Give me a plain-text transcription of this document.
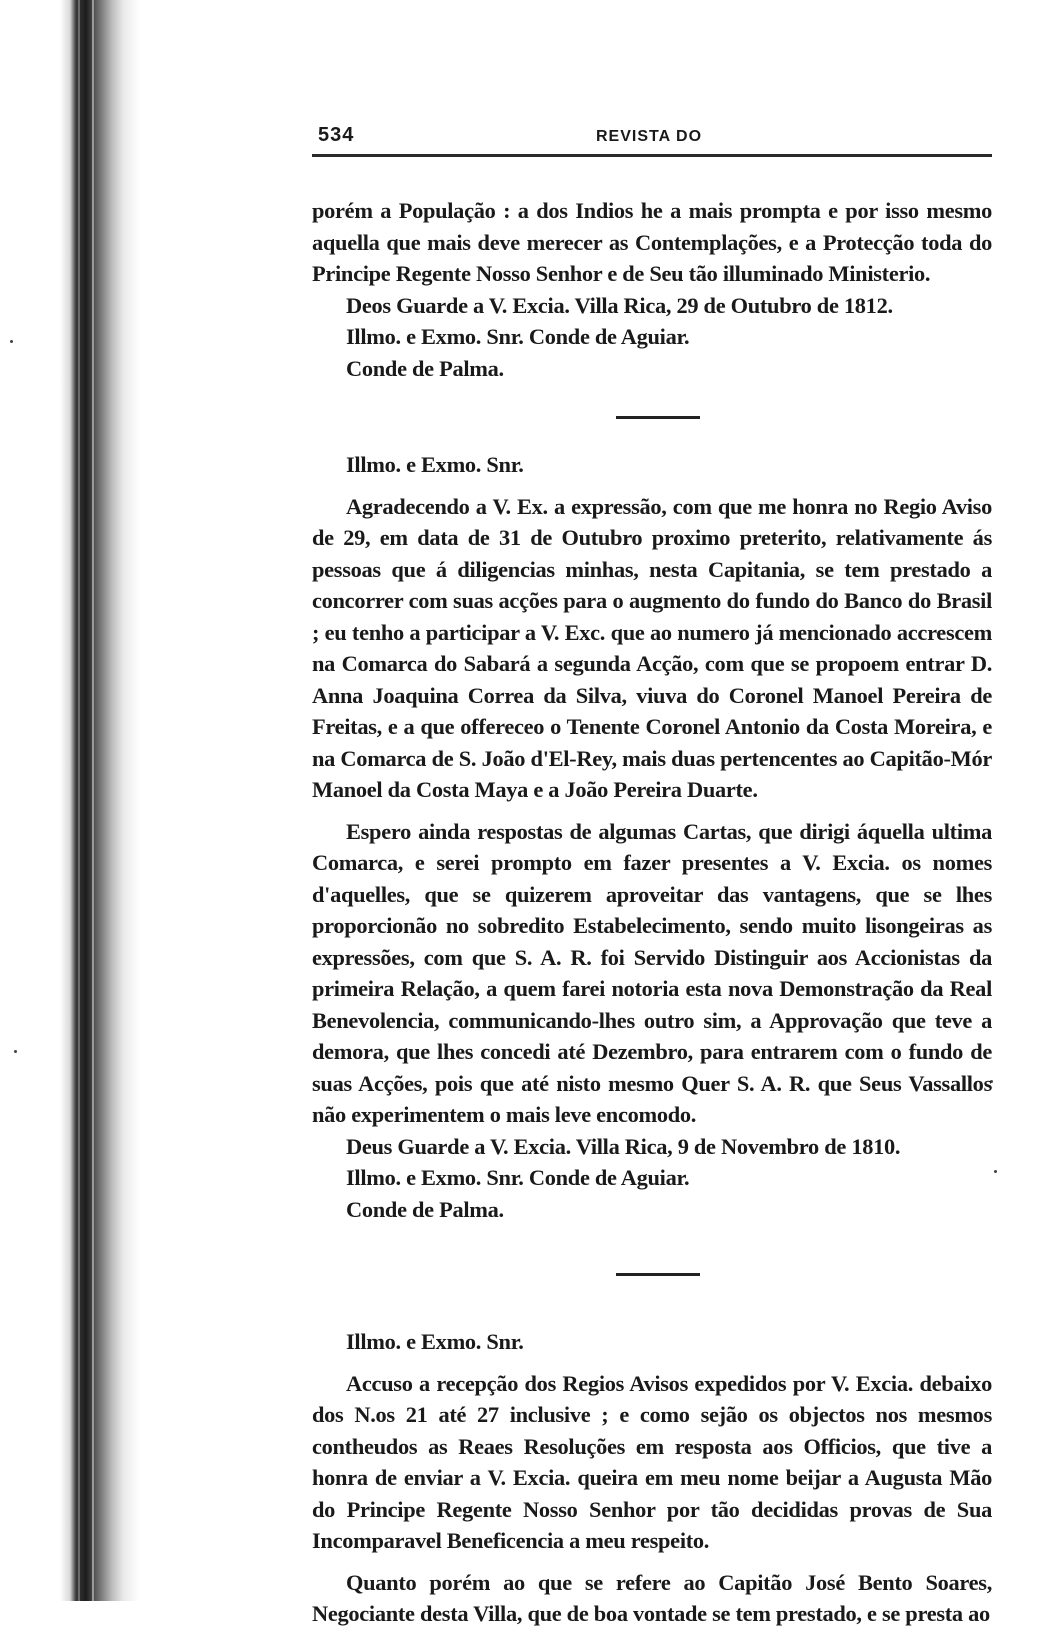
534	REVISTA DO

porém a População : a dos Indios he a mais prompta e por isso mesmo aquella que mais deve merecer as Contemplações, e a Protecção toda do Principe Regente Nosso Senhor e de Seu tão illuminado Ministerio.

Deos Guarde a V. Excia. Villa Rica, 29 de Outubro de 1812.

Illmo. e Exmo. Snr. Conde de Aguiar.

Conde de Palma.

Illmo. e Exmo. Snr.

Agradecendo a V. Ex. a expressão, com que me honra no Regio Aviso de 29, em data de 31 de Outubro proximo preterito, relativamente ás pessoas que á diligencias minhas, nesta Capitania, se tem prestado a concorrer com suas acções para o augmento do fundo do Banco do Brasil ; eu tenho a participar a V. Exc. que ao numero já mencionado accrescem na Comarca do Sabará a segunda Acção, com que se propoem entrar D. Anna Joaquina Correa da Silva, viuva do Coronel Manoel Pereira de Freitas, e a que offereceo o Tenente Coronel Antonio da Costa Moreira, e na Comarca de S. João d'El-Rey, mais duas pertencentes ao Capitão-Mór Manoel da Costa Maya e a João Pereira Duarte.

Espero ainda respostas de algumas Cartas, que dirigi áquella ultima Comarca, e serei prompto em fazer presentes a V. Excia. os nomes d'aquelles, que se quizerem aproveitar das vantagens, que se lhes proporcionão no sobredito Estabelecimento, sendo muito lisongeiras as expressões, com que S. A. R. foi Servido Distinguir aos Accionistas da primeira Relação, a quem farei notoria esta nova Demonstração da Real Benevolencia, communicando-lhes outro sim, a Approvação que teve a demora, que lhes concedi até Dezembro, para entrarem com o fundo de suas Acções, pois que até nisto mesmo Quer S. A. R. que Seus Vassallos não experimentem o mais leve encomodo.

Deus Guarde a V. Excia. Villa Rica, 9 de Novembro de 1810.

Illmo. e Exmo. Snr. Conde de Aguiar.

Conde de Palma.

Illmo. e Exmo. Snr.

Accuso a recepção dos Regios Avisos expedidos por V. Excia. debaixo dos N.os 21 até 27 inclusive ; e como sejão os objectos nos mesmos contheudos as Reaes Resoluções em resposta aos Officios, que tive a honra de enviar a V. Excia. queira em meu nome beijar a Augusta Mão do Principe Regente Nosso Senhor por tão decididas provas de Sua Incomparavel Beneficencia a meu respeito.

Quanto porém ao que se refere ao Capitão José Bento Soares, Negociante desta Villa, que de boa vontade se tem prestado, e se presta ao
